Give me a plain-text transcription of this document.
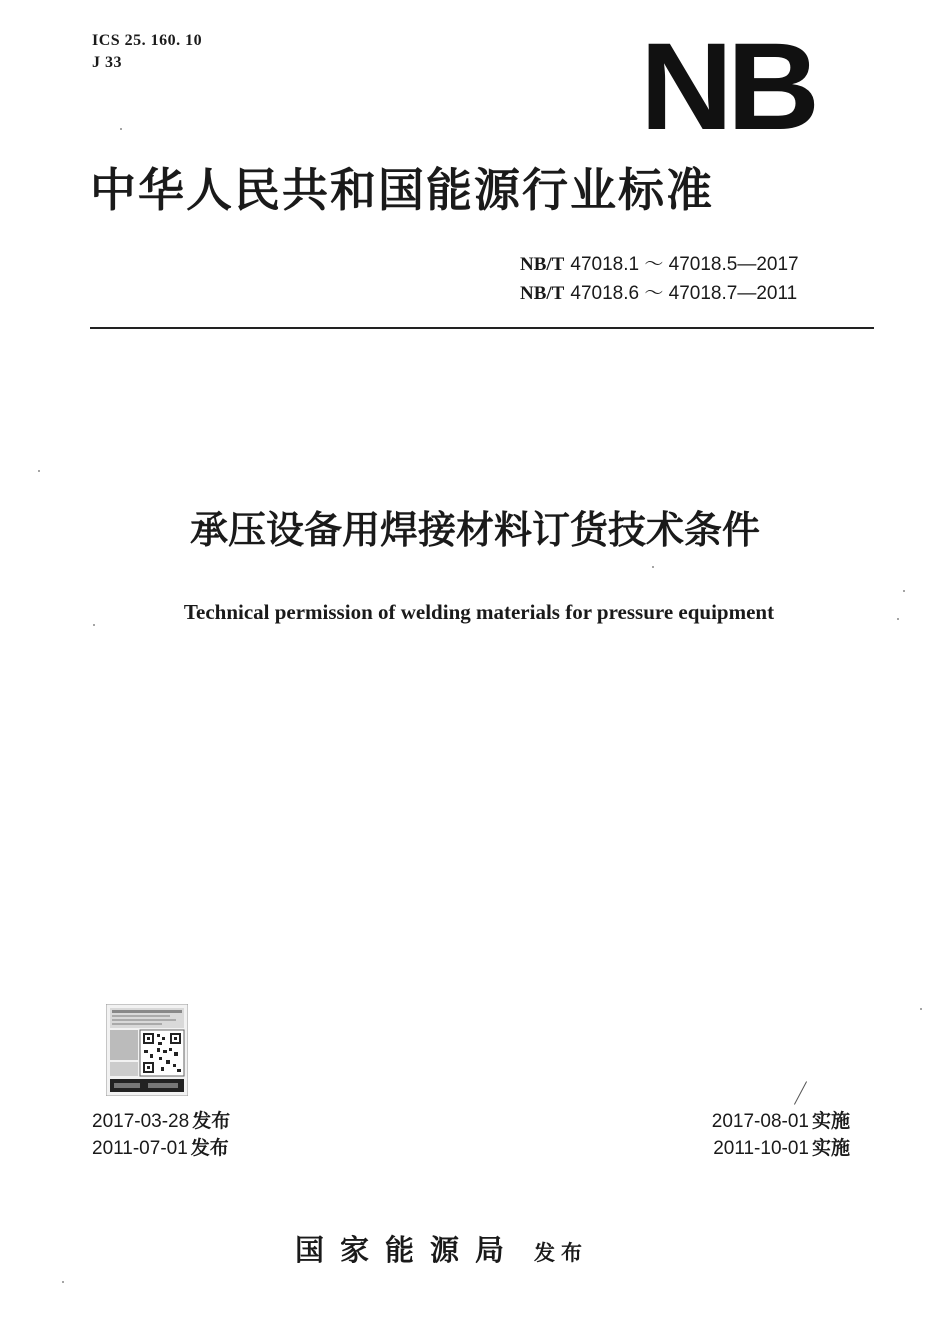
ICS 25. 160. 10
J 33	NB
中华人民共和国能源行业标准
NB/T 47018.1 ～ 47018.5—2017
NB/T 47018.6 ～ 47018.7—2011
承压设备用焊接材料订货技术条件
Technical permission of welding materials for pressure equipment
2017-03-28 发布
2011-07-01 发布
2017-08-01 实施
2011-10-01 实施
国家能源局 发布
